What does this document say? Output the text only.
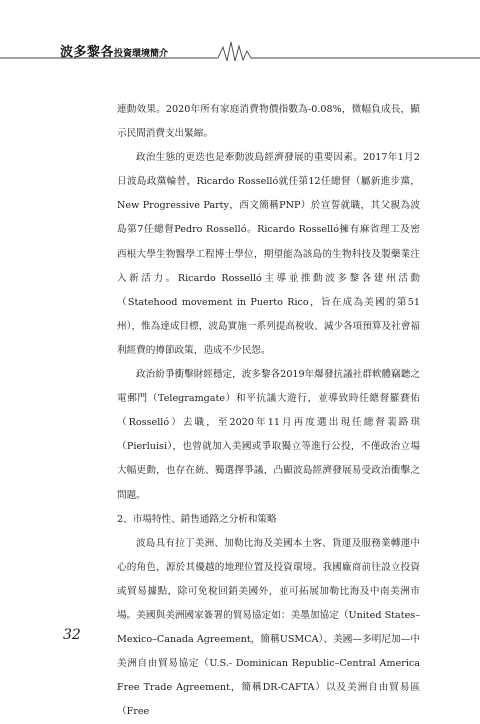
波多黎各投資環境簡介

連動效果。2020年所有家庭消費物價指數為-0.08%，微幅負成長，顯示民間消費支出緊縮。

政治生態的更迭也是牽動波島經濟發展的重要因素。2017年1月2日波島政黨輪替，Ricardo Rosselló就任第12任總督（屬新進步黨，New Progressive Party，西文簡稱PNP）於宣誓就職，其父親為波島第7任總督Pedro Rosselló。Ricardo Rosselló擁有麻省理工及密西根大學生物醫學工程博士學位，期望能為該島的生物科技及製藥業注入新活力。Ricardo Rosselló主導並推動波多黎各建州活動（Statehood movement in Puerto Rico，旨在成為美國的第51州），惟為達成目標，波島實施一系列提高稅收、減少各項預算及社會福利經費的撙節政策，造成不少民怨。

政治紛爭衝擊財經穩定，波多黎各2019年爆發抗議社群軟體竊聽之電郵門（Telegramgate）和平抗議大遊行，並導致時任總督羅賽佑（Rosselló）去職，至2020年11月再度選出現任總督裴路琪（Pierluisi），也曾就加入美國或爭取獨立等進行公投，不僅政治立場大幅更動，也存在統、獨選擇爭議，凸顯波島經濟發展易受政治衝擊之問題。

2、市場特性、銷售通路之分析和策略

波島具有拉丁美洲、加勒比海及美國本土客、貨運及服務業轉運中心的角色，源於其優越的地理位置及投資環境。我國廠商前往設立投資或貿易據點，除可免稅回銷美國外，並可拓展加勒比海及中南美洲市場。美國與美洲國家簽署的貿易協定如：美墨加協定（United States–Mexico–Canada Agreement，簡稱USMCA）、美國—多明尼加—中美洲自由貿易協定（U.S.- Dominican Republic–Central America Free Trade Agreement，簡稱DR-CAFTA）以及美洲自由貿易區（Free

32
